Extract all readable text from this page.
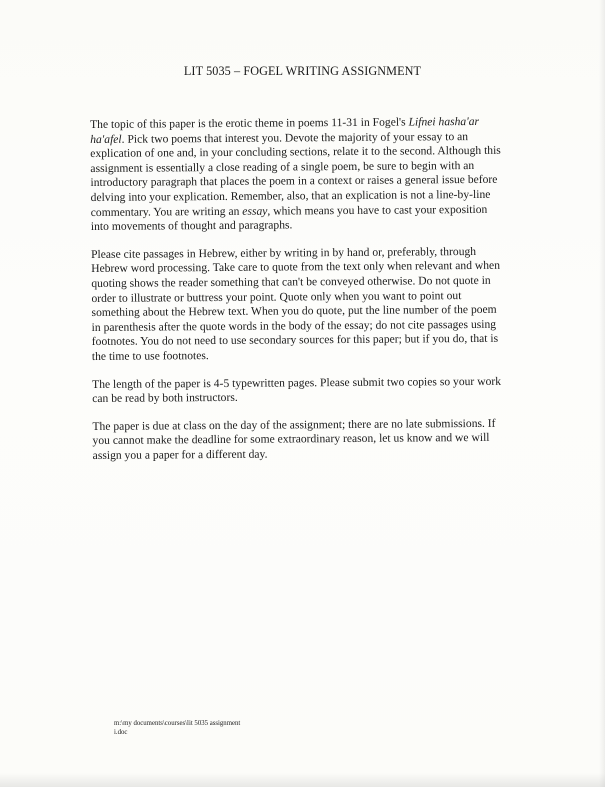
LIT 5035 – FOGEL WRITING ASSIGNMENT

The topic of this paper is the erotic theme in poems 11-31 in Fogel's Lifnei hasha'ar ha'afel. Pick two poems that interest you. Devote the majority of your essay to an explication of one and, in your concluding sections, relate it to the second. Although this assignment is essentially a close reading of a single poem, be sure to begin with an introductory paragraph that places the poem in a context or raises a general issue before delving into your explication. Remember, also, that an explication is not a line-by-line commentary. You are writing an essay, which means you have to cast your exposition into movements of thought and paragraphs.

Please cite passages in Hebrew, either by writing in by hand or, preferably, through Hebrew word processing. Take care to quote from the text only when relevant and when quoting shows the reader something that can't be conveyed otherwise. Do not quote in order to illustrate or buttress your point. Quote only when you want to point out something about the Hebrew text. When you do quote, put the line number of the poem in parenthesis after the quote words in the body of the essay; do not cite passages using footnotes. You do not need to use secondary sources for this paper; but if you do, that is the time to use footnotes.

The length of the paper is 4-5 typewritten pages. Please submit two copies so your work can be read by both instructors.

The paper is due at class on the day of the assignment; there are no late submissions. If you cannot make the deadline for some extraordinary reason, let us know and we will assign you a paper for a different day.

m:\my documents\courses\lit 5035 assignment
i.doc
